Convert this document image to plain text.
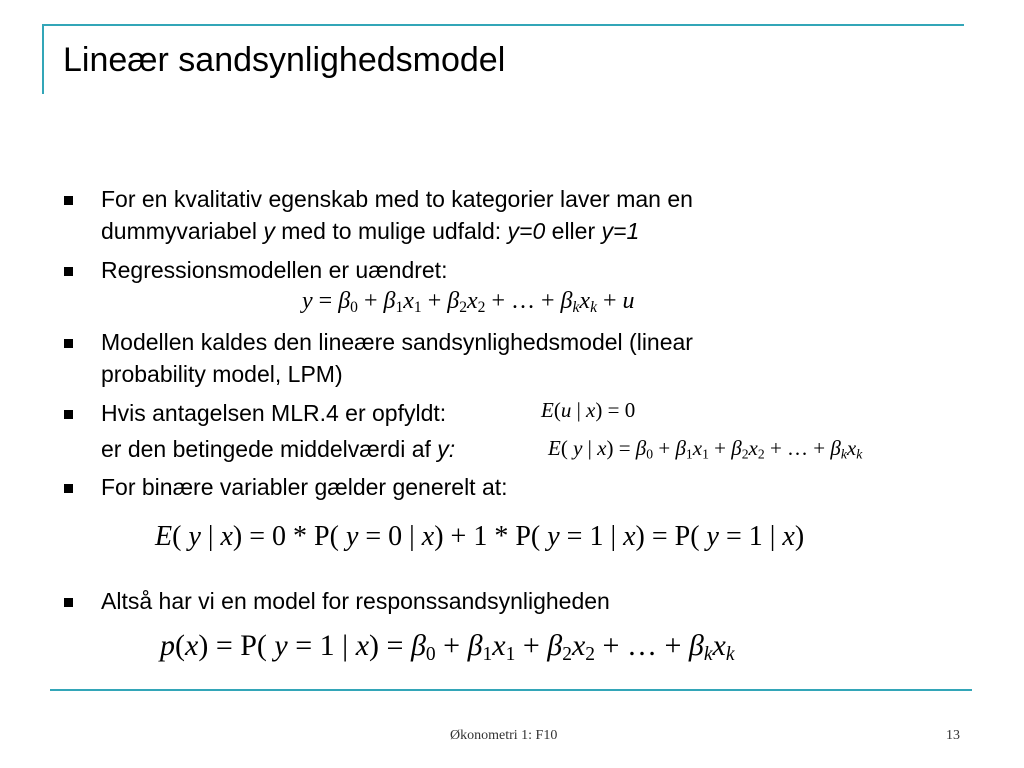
Lineær sandsynlighedsmodel
For en kvalitativ egenskab med to kategorier laver man en
dummyvariabel y med to mulige udfald: y=0 eller y=1
Regressionsmodellen er uændret:
$y = \beta_0 + \beta_1x_1 + \beta_2x_2$ + … + $\beta_kx_k + u$
Modellen kaldes den lineære sandsynlighedsmodel (linear
probability model, LPM)
Hvis antagelsen MLR.4 er opfyldt:	E(u | x) = 0
er den betingede middelværdi af y:	E( y | $x) = \beta_0 + \beta_1x_1 + \beta_2x_2$ + … + $\beta_kx_k$
For binære variabler gælder generelt at:
E( y | x) = 0 * P( y = 0 | x) + 1 * P( y = 1 | x) = P( y = 1 | x)
Altså har vi en model for responssandsynligheden
p(x) = P( y = 1 | $x) = \beta_0 + \beta_1x_1 + \beta_2x_2$ + … + $\beta_kx_k$
Økonometri 1: F10	13
